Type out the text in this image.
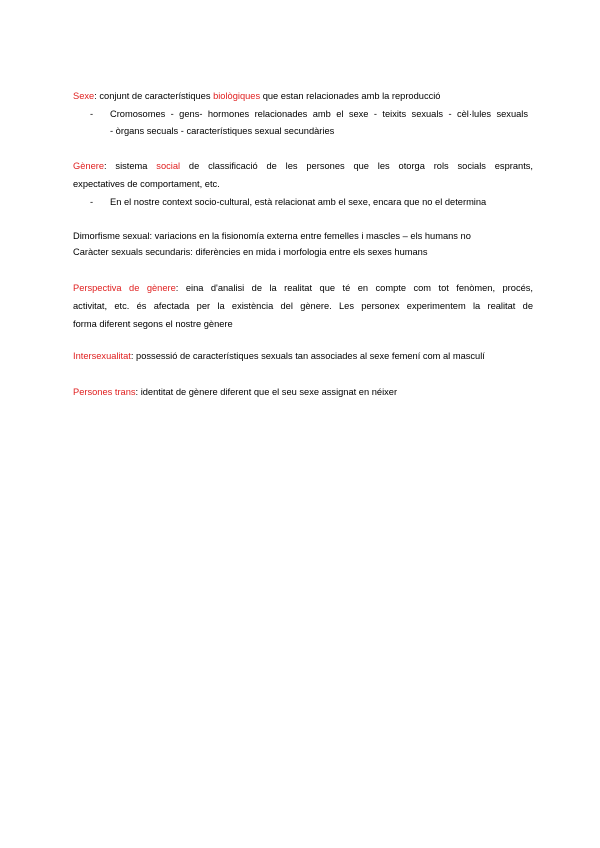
Sexe: conjunt de característiques biològiques que estan relacionades amb la reproducció
- Cromosomes - gens- hormones relacionades amb el sexe - teixits sexuals - cèl·lules sexuals
- òrgans secuals - característiques sexual secundàries
Gènere: sistema social de classificació de les persones que les otorga rols socials esprants,
expectatives de comportament, etc.
- En el nostre context socio-cultural, està relacionat amb el sexe, encara que no el determina
Dimorfisme sexual: variacions en la fisionomía externa entre femelles i mascles – els humans no
Caràcter sexuals secundaris: diferències en mida i morfologia entre els sexes humans
Perspectiva de gènere: eina d'analisi de la realitat que té en compte com tot fenòmen, procés,
activitat, etc. és afectada per la existència del gènere. Les personex experimentem la realitat de
forma diferent segons el nostre gènere
Intersexualitat: possessió de característiques sexuals tan associades al sexe femení com al masculí
Persones trans: identitat de gènere diferent que el seu sexe assignat en néixer
